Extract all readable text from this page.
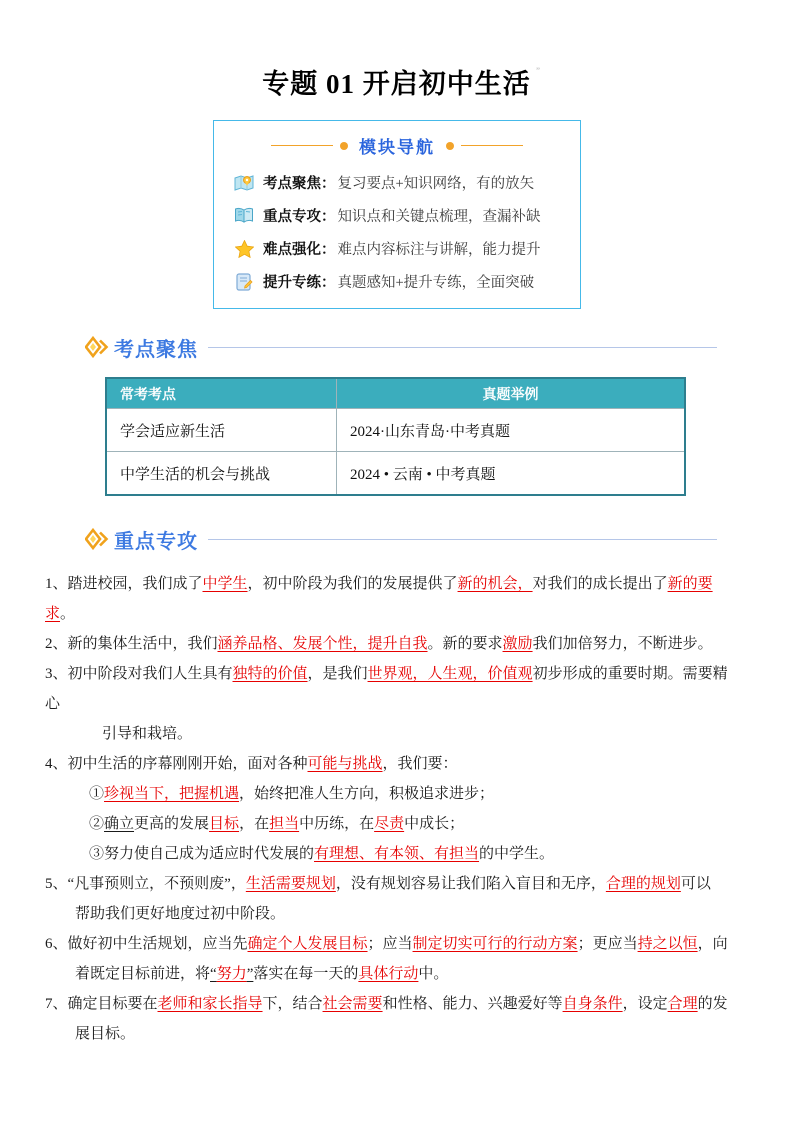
专题 01 开启初中生活 ”
模块导航
考点聚焦： 复习要点+知识网络，有的放矢
重点专攻： 知识点和关键点梳理，查漏补缺
难点强化： 难点内容标注与讲解，能力提升
提升专练： 真题感知+提升专练，全面突破
考点聚焦
常考考点	真题举例
学会适应新生活	2024·山东青岛·中考真题
中学生活的机会与挑战	2024 • 云南 • 中考真题
重点专攻
1、踏进校园，我们成了中学生，初中阶段为我们的发展提供了新的机会，对我们的成长提出了新的要
求。
2、新的集体生活中，我们涵养品格、发展个性，提升自我。新的要求激励我们加倍努力，不断进步。
3、初中阶段对我们人生具有独特的价值，是我们世界观，人生观，价值观初步形成的重要时期。需要精
心
引导和栽培。
4、初中生活的序幕刚刚开始，面对各种可能与挑战，我们要：
①珍视当下，把握机遇，始终把准人生方向，积极追求进步；
②确立更高的发展目标，在担当中历练，在尽责中成长；
③努力使自己成为适应时代发展的有理想、有本领、有担当的中学生。
5、“凡事预则立，不预则废”，生活需要规划，没有规划容易让我们陷入盲目和无序，合理的规划可以
帮助我们更好地度过初中阶段。
6、做好初中生活规划，应当先确定个人发展目标；应当制定切实可行的行动方案；更应当持之以恒，向
着既定目标前进，将“努力”落实在每一天的具体行动中。
7、确定目标要在老师和家长指导下，结合社会需要和性格、能力、兴趣爱好等自身条件，设定合理的发
展目标。
